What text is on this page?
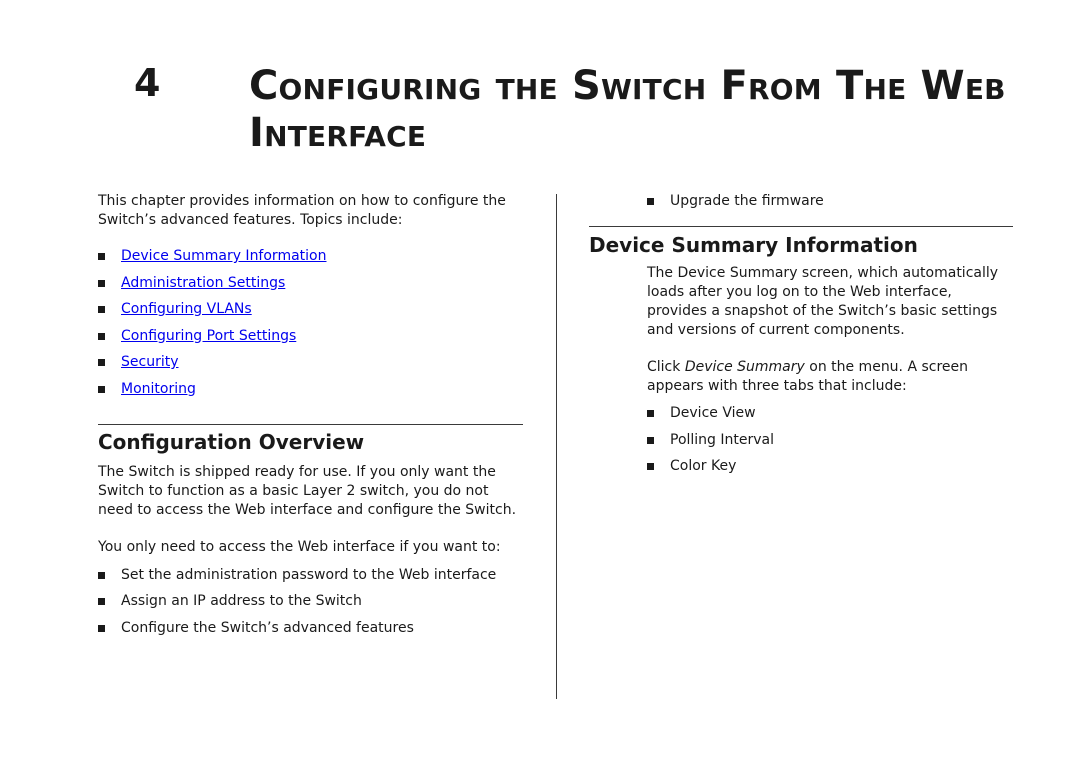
4 Configuring the Switch From The Web
Interface

This chapter provides information on how to configure the Switch’s advanced features. Topics include:

Device Summary Information
Administration Settings
Configuring VLANs
Configuring Port Settings
Security
Monitoring
Configuration Overview

The Switch is shipped ready for use. If you only want the Switch to function as a basic Layer 2 switch, you do not need to access the Web interface and configure the Switch.

You only need to access the Web interface if you want to:

Set the administration password to the Web interface
Assign an IP address to the Switch
Configure the Switch’s advanced features
Upgrade the firmware
Device Summary Information

The Device Summary screen, which automatically loads after you log on to the Web interface, provides a snapshot of the Switch’s basic settings and versions of current components.

Click Device Summary on the menu. A screen appears with three tabs that include:

Device View
Polling Interval
Color Key
